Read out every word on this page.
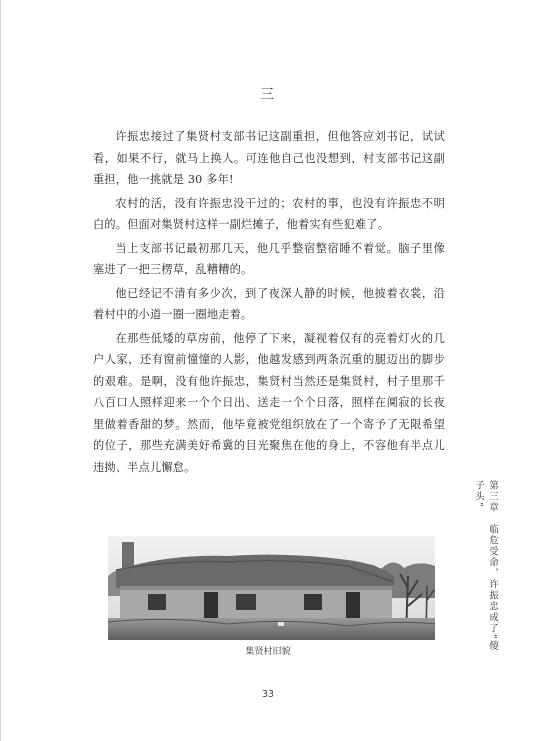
三

许振忠接过了集贤村支部书记这副重担，但他答应刘书记，试试看，如果不行，就马上换人。可连他自己也没想到，村支部书记这副重担，他一挑就是 30 多年!

农村的活，没有许振忠没干过的；农村的事，也没有许振忠不明白的。但面对集贤村这样一副烂摊子，他着实有些犯难了。

当上支部书记最初那几天，他几乎整宿整宿睡不着觉。脑子里像塞进了一把三楞草，乱糟糟的。

他已经记不清有多少次，到了夜深人静的时候，他披着衣裳，沿着村中的小道一圈一圈地走着。

在那些低矮的草房前，他停了下来，凝视着仅有的亮着灯火的几户人家，还有窗前憧憧的人影，他越发感到两条沉重的腿迈出的脚步的艰难。是啊，没有他许振忠，集贤村当然还是集贤村，村子里那千八百口人照样迎来一个个日出、送走一个个日落，照样在阒寂的长夜里做着香甜的梦。然而，他毕竟被党组织放在了一个寄予了无限希望的位子，那些充满美好希冀的目光聚焦在他的身上，不容他有半点儿违拗、半点儿懈怠。

集贤村旧貌
33
第三章　临危受命，许振忠成了“傻子头”
